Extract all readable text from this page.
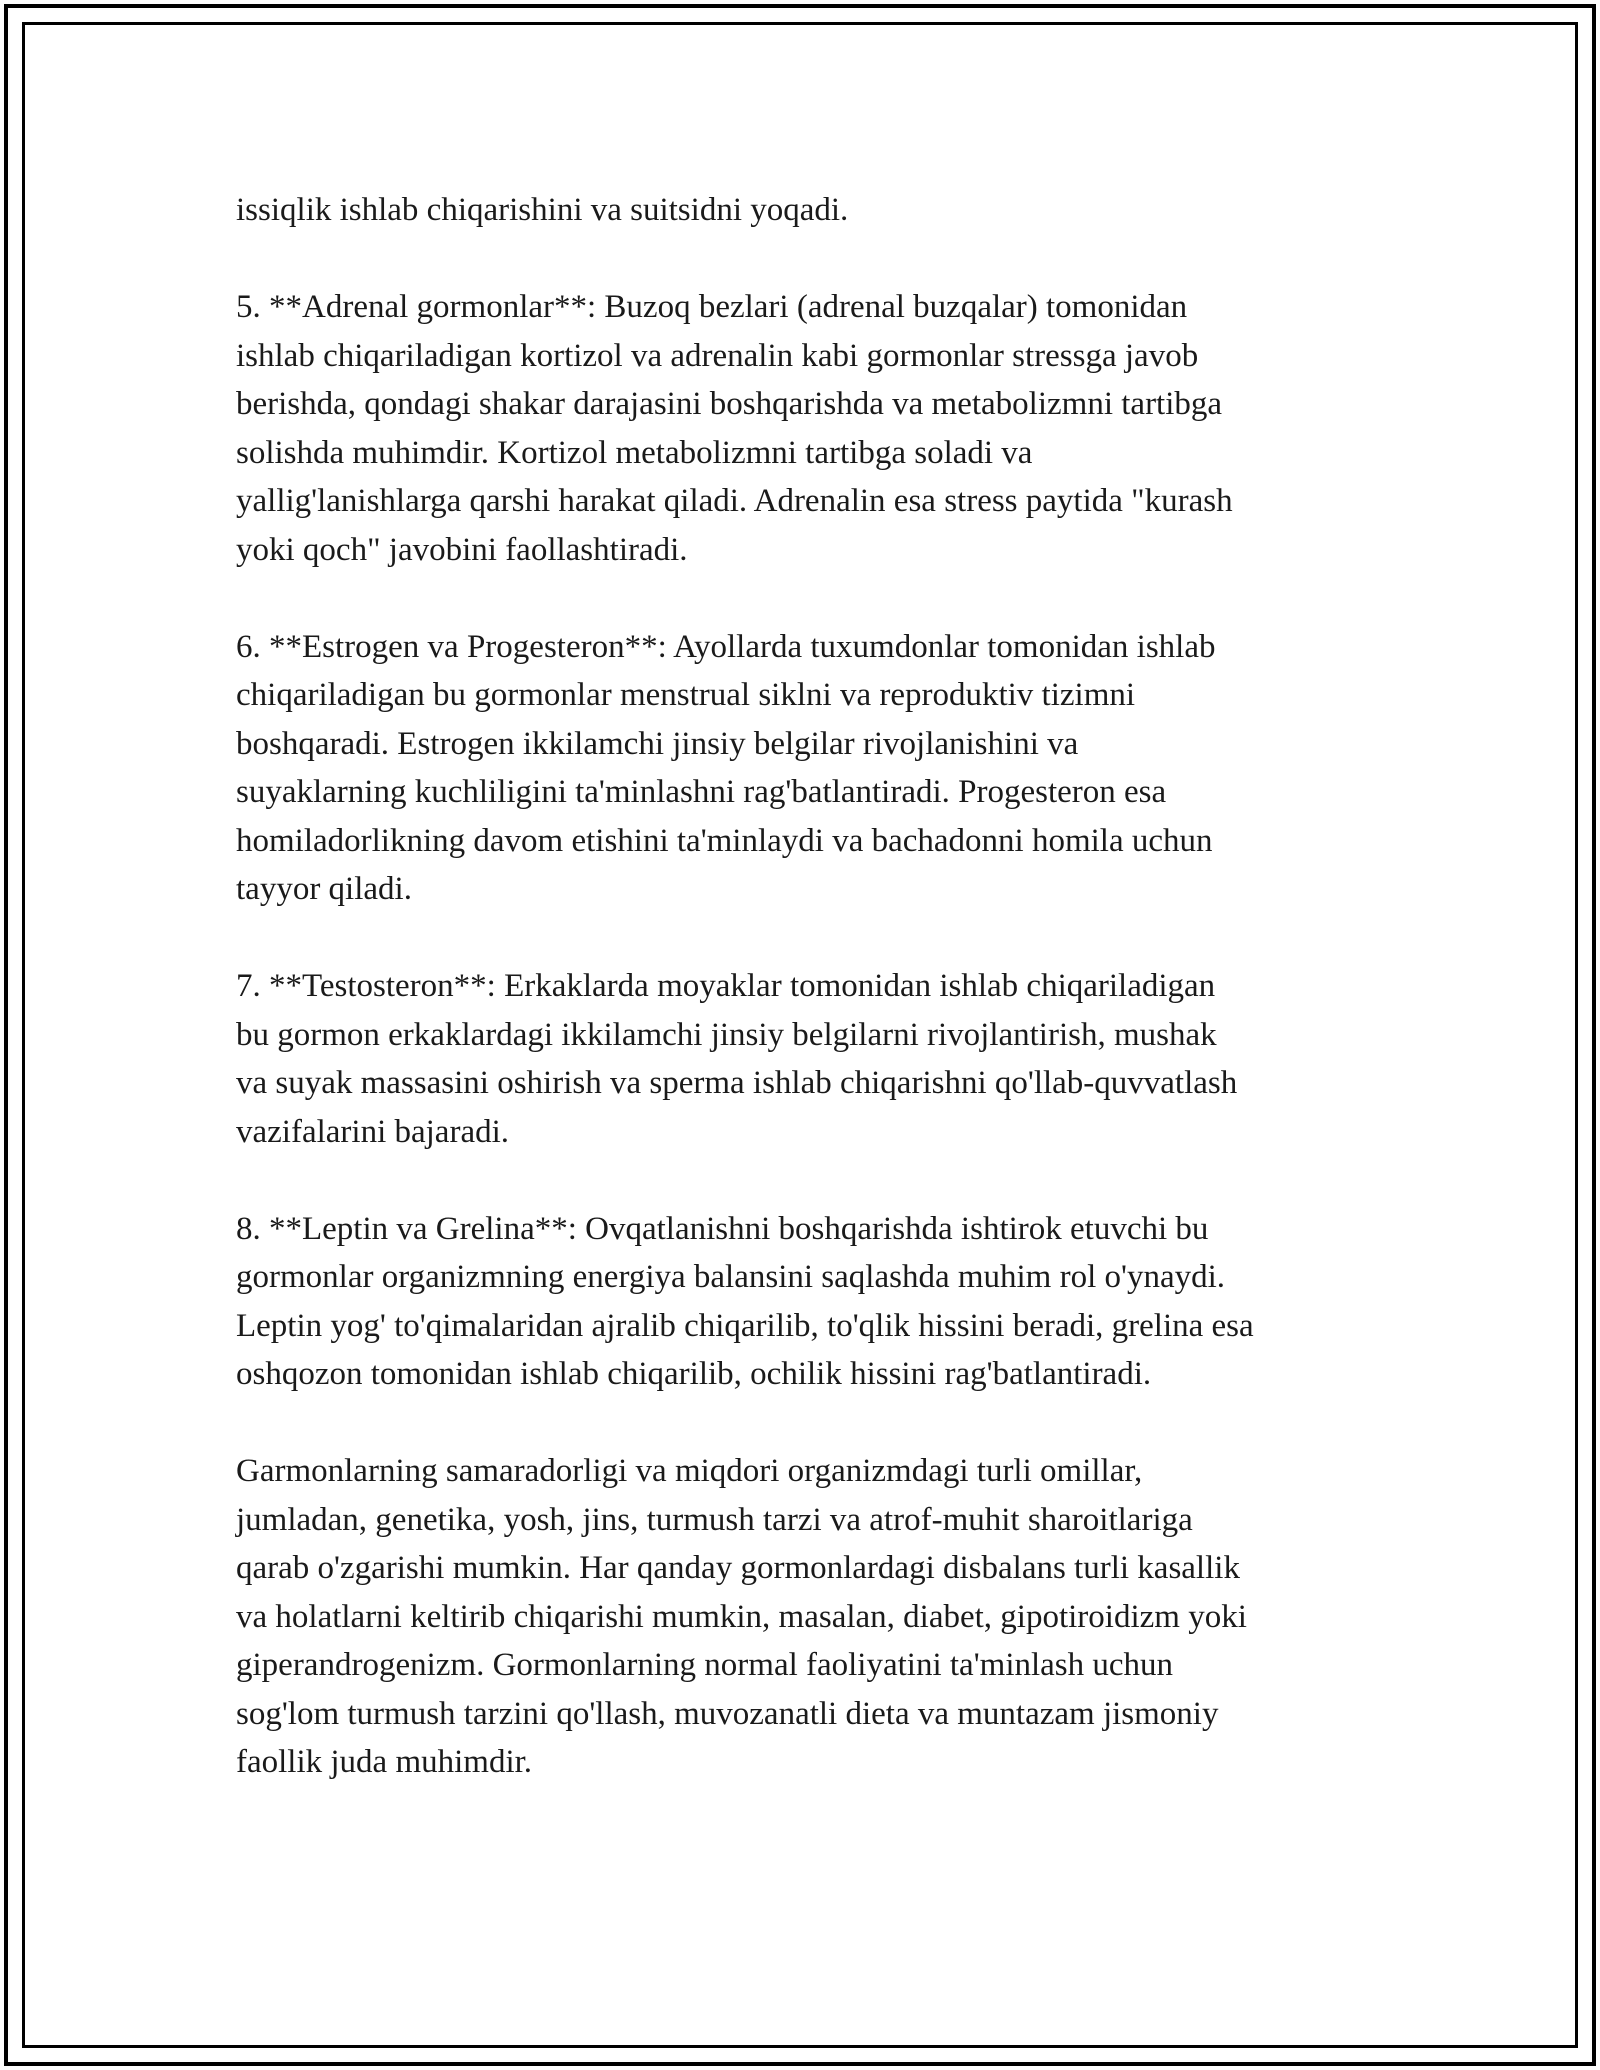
issiqlik ishlab chiqarishini va suitsidni yoqadi.

5. **Adrenal gormonlar**: Buzoq bezlari (adrenal buzqalar) tomonidan
ishlab chiqariladigan kortizol va adrenalin kabi gormonlar stressga javob
berishda, qondagi shakar darajasini boshqarishda va metabolizmni tartibga
solishda muhimdir. Kortizol metabolizmni tartibga soladi va
yallig'lanishlarga qarshi harakat qiladi. Adrenalin esa stress paytida "kurash
yoki qoch" javobini faollashtiradi.

6. **Estrogen va Progesteron**: Ayollarda tuxumdonlar tomonidan ishlab
chiqariladigan bu gormonlar menstrual siklni va reproduktiv tizimni
boshqaradi. Estrogen ikkilamchi jinsiy belgilar rivojlanishini va
suyaklarning kuchliligini ta'minlashni rag'batlantiradi. Progesteron esa
homiladorlikning davom etishini ta'minlaydi va bachadonni homila uchun
tayyor qiladi.

7. **Testosteron**: Erkaklarda moyaklar tomonidan ishlab chiqariladigan
bu gormon erkaklardagi ikkilamchi jinsiy belgilarni rivojlantirish, mushak
va suyak massasini oshirish va sperma ishlab chiqarishni qo'llab-quvvatlash
vazifalarini bajaradi.

8. **Leptin va Grelina**: Ovqatlanishni boshqarishda ishtirok etuvchi bu
gormonlar organizmning energiya balansini saqlashda muhim rol o'ynaydi.
Leptin yog' to'qimalaridan ajralib chiqarilib, to'qlik hissini beradi, grelina esa
oshqozon tomonidan ishlab chiqarilib, ochilik hissini rag'batlantiradi.

Garmonlarning samaradorligi va miqdori organizmdagi turli omillar,
jumladan, genetika, yosh, jins, turmush tarzi va atrof-muhit sharoitlariga
qarab o'zgarishi mumkin. Har qanday gormonlardagi disbalans turli kasallik
va holatlarni keltirib chiqarishi mumkin, masalan, diabet, gipotiroidizm yoki
giperandrogenizm. Gormonlarning normal faoliyatini ta'minlash uchun
sog'lom turmush tarzini qo'llash, muvozanatli dieta va muntazam jismoniy
faollik juda muhimdir.
